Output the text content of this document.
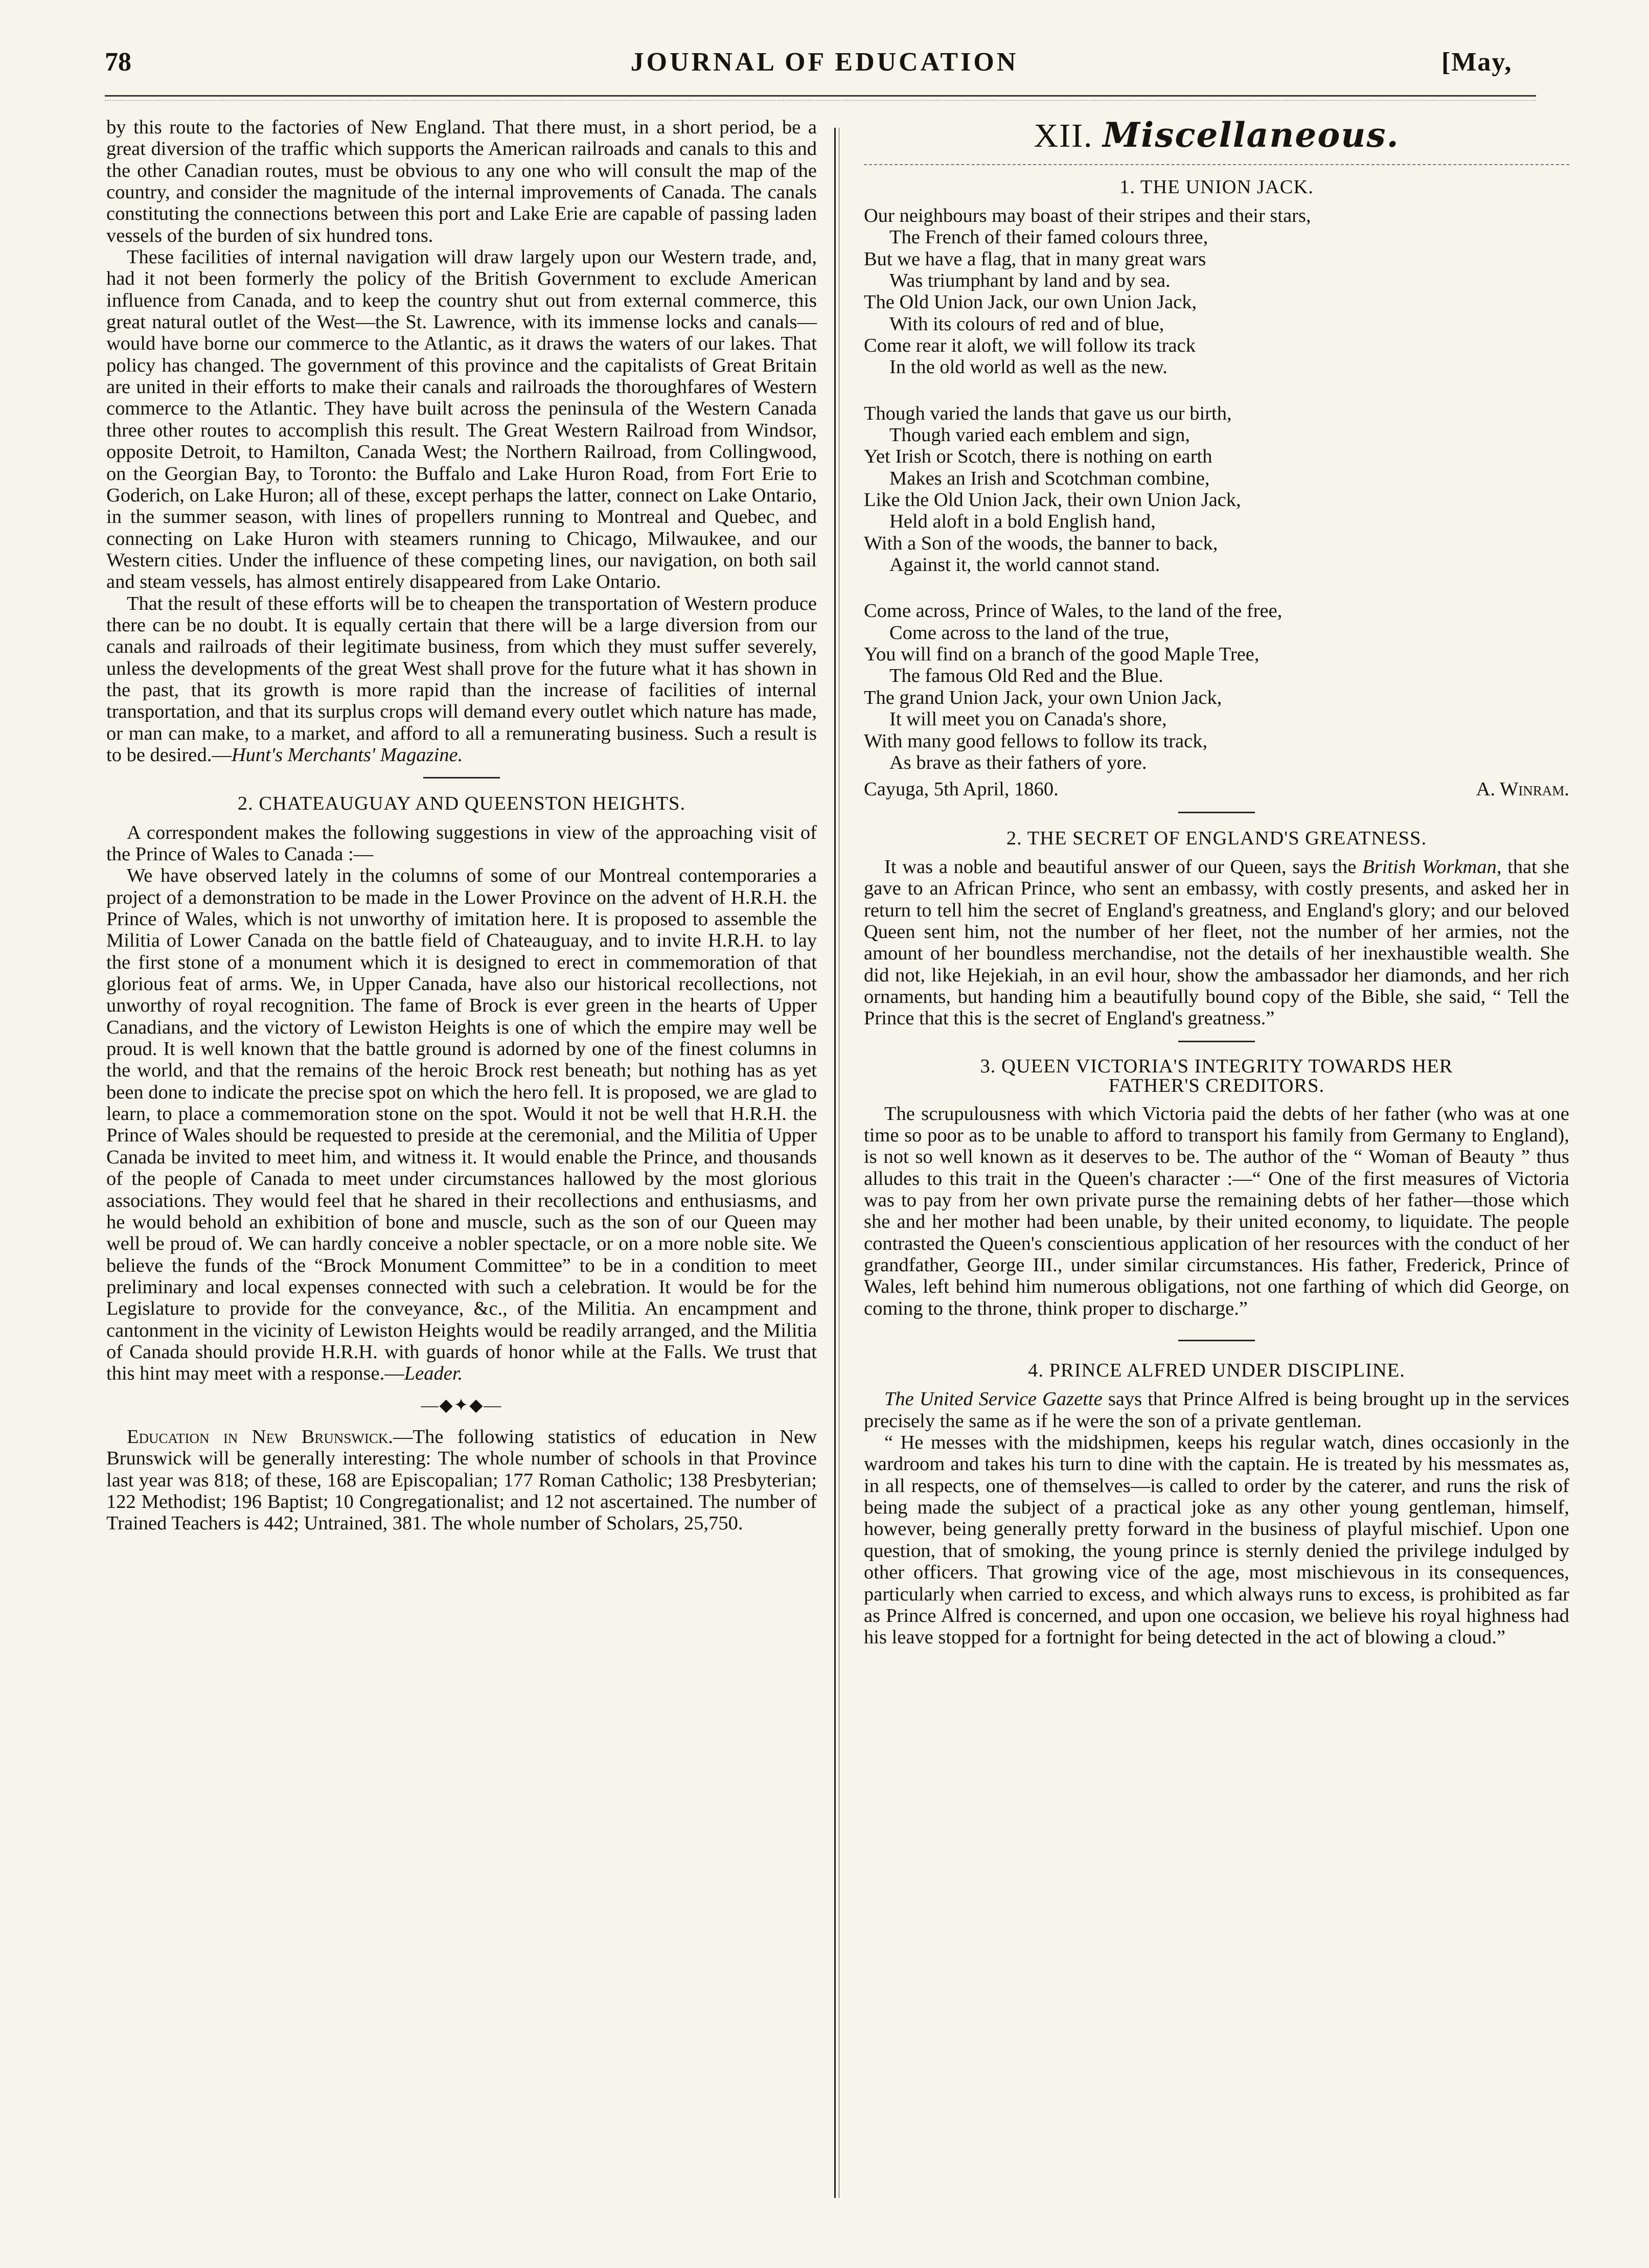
78	JOURNAL OF EDUCATION	[May,

by this route to the factories of New England. That there must, in a short period, be a great diversion of the traffic which supports the American railroads and canals to this and the other Canadian routes, must be obvious to any one who will consult the map of the country, and consider the magnitude of the internal improvements of Canada. The canals constituting the connections between this port and Lake Erie are capable of passing laden vessels of the burden of six hundred tons.

These facilities of internal navigation will draw largely upon our Western trade, and, had it not been formerly the policy of the British Government to exclude American influence from Canada, and to keep the country shut out from external commerce, this great natural outlet of the West—the St. Lawrence, with its immense locks and canals—would have borne our commerce to the Atlantic, as it draws the waters of our lakes. That policy has changed. The government of this province and the capitalists of Great Britain are united in their efforts to make their canals and railroads the thoroughfares of Western commerce to the Atlantic. They have built across the peninsula of the Western Canada three other routes to accomplish this result. The Great Western Railroad from Windsor, opposite Detroit, to Hamilton, Canada West; the Northern Railroad, from Collingwood, on the Georgian Bay, to Toronto: the Buffalo and Lake Huron Road, from Fort Erie to Goderich, on Lake Huron; all of these, except perhaps the latter, connect on Lake Ontario, in the summer season, with lines of propellers running to Montreal and Quebec, and connecting on Lake Huron with steamers running to Chicago, Milwaukee, and our Western cities. Under the influence of these competing lines, our navigation, on both sail and steam vessels, has almost entirely disappeared from Lake Ontario.

That the result of these efforts will be to cheapen the transportation of Western produce there can be no doubt. It is equally certain that there will be a large diversion from our canals and railroads of their legitimate business, from which they must suffer severely, unless the developments of the great West shall prove for the future what it has shown in the past, that its growth is more rapid than the increase of facilities of internal transportation, and that its surplus crops will demand every outlet which nature has made, or man can make, to a market, and afford to all a remunerating business. Such a result is to be desired.—Hunt's Merchants' Magazine.

2. CHATEAUGUAY AND QUEENSTON HEIGHTS.

A correspondent makes the following suggestions in view of the approaching visit of the Prince of Wales to Canada :—

We have observed lately in the columns of some of our Montreal contemporaries a project of a demonstration to be made in the Lower Province on the advent of H.R.H. the Prince of Wales, which is not unworthy of imitation here. It is proposed to assemble the Militia of Lower Canada on the battle field of Chateauguay, and to invite H.R.H. to lay the first stone of a monument which it is designed to erect in commemoration of that glorious feat of arms. We, in Upper Canada, have also our historical recollections, not unworthy of royal recognition. The fame of Brock is ever green in the hearts of Upper Canadians, and the victory of Lewiston Heights is one of which the empire may well be proud. It is well known that the battle ground is adorned by one of the finest columns in the world, and that the remains of the heroic Brock rest beneath; but nothing has as yet been done to indicate the precise spot on which the hero fell. It is proposed, we are glad to learn, to place a commemoration stone on the spot. Would it not be well that H.R.H. the Prince of Wales should be requested to preside at the ceremonial, and the Militia of Upper Canada be invited to meet him, and witness it. It would enable the Prince, and thousands of the people of Canada to meet under circumstances hallowed by the most glorious associations. They would feel that he shared in their recollections and enthusiasms, and he would behold an exhibition of bone and muscle, such as the son of our Queen may well be proud of. We can hardly conceive a nobler spectacle, or on a more noble site. We believe the funds of the “Brock Monument Committee” to be in a condition to meet preliminary and local expenses connected with such a celebration. It would be for the Legislature to provide for the conveyance, &c., of the Militia. An encampment and cantonment in the vicinity of Lewiston Heights would be readily arranged, and the Militia of Canada should provide H.R.H. with guards of honor while at the Falls. We trust that this hint may meet with a response.—Leader.

—◆✦◆—

Education in New Brunswick.—The following statistics of education in New Brunswick will be generally interesting: The whole number of schools in that Province last year was 818; of these, 168 are Episcopalian; 177 Roman Catholic; 138 Presbyterian; 122 Methodist; 196 Baptist; 10 Congregationalist; and 12 not ascertained. The number of Trained Teachers is 442; Untrained, 381. The whole number of Scholars, 25,750.

XII. Miscellaneous.
1. THE UNION JACK.
Our neighbours may boast of their stripes and their stars,
The French of their famed colours three,
But we have a flag, that in many great wars
Was triumphant by land and by sea.
The Old Union Jack, our own Union Jack,
With its colours of red and of blue,
Come rear it aloft, we will follow its track
In the old world as well as the new.
Though varied the lands that gave us our birth,
Though varied each emblem and sign,
Yet Irish or Scotch, there is nothing on earth
Makes an Irish and Scotchman combine,
Like the Old Union Jack, their own Union Jack,
Held aloft in a bold English hand,
With a Son of the woods, the banner to back,
Against it, the world cannot stand.
Come across, Prince of Wales, to the land of the free,
Come across to the land of the true,
You will find on a branch of the good Maple Tree,
The famous Old Red and the Blue.
The grand Union Jack, your own Union Jack,
It will meet you on Canada's shore,
With many good fellows to follow its track,
As brave as their fathers of yore.
Cayuga, 5th April, 1860.	A. Winram.
2. THE SECRET OF ENGLAND'S GREATNESS.

It was a noble and beautiful answer of our Queen, says the British Workman, that she gave to an African Prince, who sent an embassy, with costly presents, and asked her in return to tell him the secret of England's greatness, and England's glory; and our beloved Queen sent him, not the number of her fleet, not the number of her armies, not the amount of her boundless merchandise, not the details of her inexhaustible wealth. She did not, like Hejekiah, in an evil hour, show the ambassador her diamonds, and her rich ornaments, but handing him a beautifully bound copy of the Bible, she said, “ Tell the Prince that this is the secret of England's greatness.”

3. QUEEN VICTORIA'S INTEGRITY TOWARDS HER
FATHER'S CREDITORS.

The scrupulousness with which Victoria paid the debts of her father (who was at one time so poor as to be unable to afford to transport his family from Germany to England), is not so well known as it deserves to be. The author of the “ Woman of Beauty ” thus alludes to this trait in the Queen's character :—“ One of the first measures of Victoria was to pay from her own private purse the remaining debts of her father—those which she and her mother had been unable, by their united economy, to liquidate. The people contrasted the Queen's conscientious application of her resources with the conduct of her grandfather, George III., under similar circumstances. His father, Frederick, Prince of Wales, left behind him numerous obligations, not one farthing of which did George, on coming to the throne, think proper to discharge.”

4. PRINCE ALFRED UNDER DISCIPLINE.

The United Service Gazette says that Prince Alfred is being brought up in the services precisely the same as if he were the son of a private gentleman.

“ He messes with the midshipmen, keeps his regular watch, dines occasionly in the wardroom and takes his turn to dine with the captain. He is treated by his messmates as, in all respects, one of themselves—is called to order by the caterer, and runs the risk of being made the subject of a practical joke as any other young gentleman, himself, however, being generally pretty forward in the business of playful mischief. Upon one question, that of smoking, the young prince is sternly denied the privilege indulged by other officers. That growing vice of the age, most mischievous in its consequences, particularly when carried to excess, and which always runs to excess, is prohibited as far as Prince Alfred is concerned, and upon one occasion, we believe his royal highness had his leave stopped for a fortnight for being detected in the act of blowing a cloud.”
